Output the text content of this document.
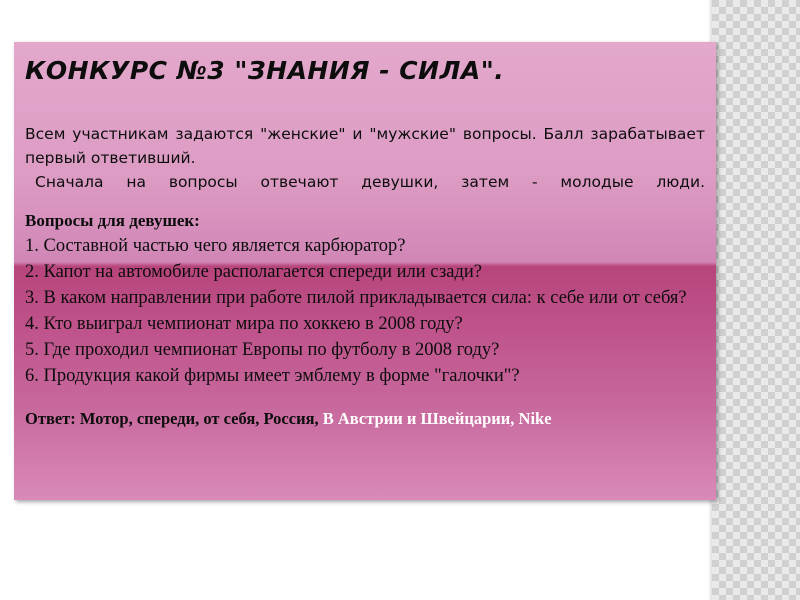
КОНКУРС №3 "ЗНАНИЯ - СИЛА".
Всем участникам задаются "женские" и "мужские" вопросы. Балл зарабатывает первый ответивший.
Сначала на вопросы отвечают девушки, затем - молодые люди.
Вопросы для девушек:
1. Составной частью чего является карбюратор?
2. Капот на автомобиле располагается спереди или сзади?
3. В каком направлении при работе пилой прикладывается сила: к себе или от себя?
4. Кто выиграл чемпионат мира по хоккею в 2008 году?
5. Где проходил чемпионат Европы по футболу в 2008 году?
6. Продукция какой фирмы имеет эмблему в форме "галочки"?
Ответ: Мотор, спереди, от себя, Россия, В Австрии и Швейцарии, Nike
